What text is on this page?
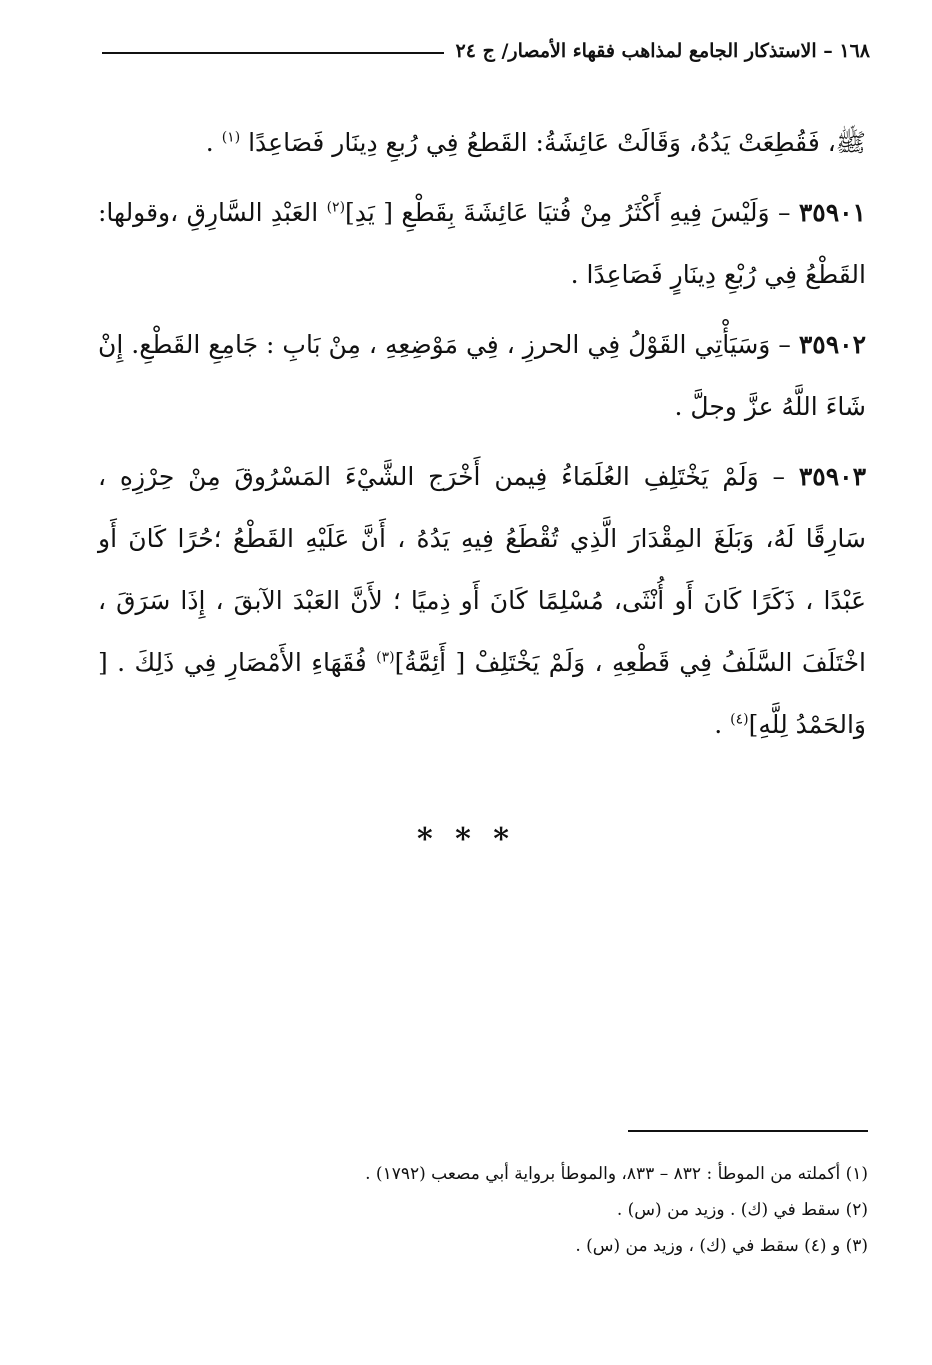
١٦٨ – الاستذكار الجامع لمذاهب فقهاء الأمصار/ ج ٢٤

ﷺ، فَقُطِعَتْ يَدُهُ، وَقَالَتْ عَائِشَةُ: القَطعُ فِي رُبعِ دِينَار فَصَاعِدًا $^{(١)}$ .

٣٥٩٠١ – وَلَيْسَ فِيهِ أَكْثَرُ مِنْ فُتيَا عَائِشَةَ بِقَطْعِ [ يَدِ]$^{(٢)}$ العَبْدِ السَّارِقِ ،وقولها: القَطْعُ فِي رُبْعِ دِينَارٍ فَصَاعِدًا .

٣٥٩٠٢ – وَسَيَأْتِي القَوْلُ فِي الحرزِ ، فِي مَوْضِعِهِ ، مِنْ بَابِ : جَامِعِ القَطْعِ. إِنْ شَاءَ اللَّهُ عزَّ وجلَّ .

٣٥٩٠٣ – وَلَمْ يَخْتَلِفِ العُلَمَاءُ فِيمن أَخْرَج الشَّيْءَ المَسْرُوقَ مِنْ حِرْزِهِ ، سَارِقًا لَهُ، وَبَلَغَ المِقْدَارَ الَّذِي تُقْطَعُ فِيهِ يَدُهُ ، أَنَّ عَلَيْهِ القَطْعُ ؛حُرًا كَانَ أَو عَبْدًا ، ذَكَرًا كَانَ أَو أُنْثَى، مُسْلِمًا كَانَ أَو ذِميًا ؛ لأَنَّ العَبْدَ الآبقَ ، إِذَا سَرَقَ ، اخْتَلَفَ السَّلَفُ فِي قَطْعِهِ ، وَلَمْ يَخْتَلِفْ [ أَئِمَّةُ]$^{(٣)}$ فُقَهَاءِ الأَمْصَارِ فِي ذَلِكَ . [ وَالحَمْدُ لِلَّهِ]$^{(٤)}$ .

* * *

(١) أكملته من الموطأ : ٨٣٢ – ٨٣٣، والموطأ برواية أبي مصعب (١٧٩٢) .

(٢) سقط في (ك) . وزيد من (س) .

(٣) و (٤) سقط في (ك) ، وزيد من (س) .
